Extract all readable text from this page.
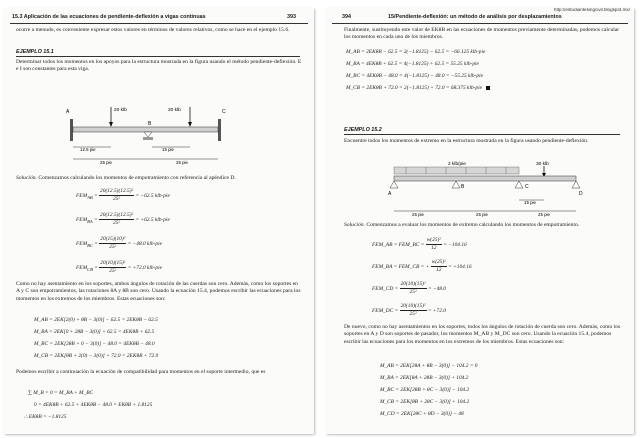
15.3 Aplicación de las ecuaciones de pendiente-deflexión a vigas continuas	393
ocurre a menudo, es conveniente expresar estos valores en términos de valores relativos, como se hace en el ejemplo 15.6.
EJEMPLO 15.1
Determinar todos los momentos en los apoyos para la estructura mostrada en la figura usando el método pendiente-deflexión. E e I son constantes para esta viga.
A
B
C
20 klb	20 klb
12.5 pie	15 pie
25 pie	25 pie
Solución. Comenzamos calculando los momentos de empotramiento con referencia al apéndice D.
$FEM_{AB} = \frac{\text{20(12.5)(12.5)²}}{\text{25²}} = -62.5$ klb-pie
$FEM_{BA} = \frac{\text{20(12.5)(12.5)²}}{\text{25²}} = +62.5$ klb-pie
$FEM_{BC} = \frac{\text{20(15)(10)²}}{\text{25²}} = -48.0$ klb-pie
$FEM_{CB} = \frac{\text{20(10)(15)²}}{\text{25²}} = +72.0$ klb-pie
Como no hay asentamiento en los soportes, ambos ángulos de rotación de las cuerdas son cero. Además, como los soportes en A y C son empotramientos, las rotaciones θA y θB son cero. Usando la ecuación 15.4, podemos escribir las ecuaciones para los momentos en los extremos de los miembros. Estas ecuaciones son:
M_AB = 2EK[2(0) + θB − 3(0)] − 62.5 = 2EKθB − 62.5
M_BA = 2EK[0 + 2θB − 3(0)] + 62.5 = 4EKθB + 62.5
M_BC = 2EK[2θB + 0 − 3(0)] − 48.0 = 4EKθB − 48.0
M_CB = 2EK[θB + 2(0) − 3(0)] + 72.0 = 2EKθB + 72.0
Podemos escribir a continuación la ecuación de compatibilidad para momentos en el soporte intermedio, que es
∑ M_B = 0 = M_BA + M_BC
0 = 4EKθB + 62.5 + 4EKθB − 48.0 = EKθB + 1.8125
∴ EKθB = −1.8125
http://estudiantesingcivil.blogspot.mx/
394	15/Pendiente-deflexión: un método de análisis por desplazamientos
Finalmente, sustituyendo este valor de EKθB en las ecuaciones de momentos previamente determinadas, podemos calcular los momentos en cada uno de los miembros.
M_AB = 2EKθB − 62.5 = 2(−1.8125) − 62.5 = −66.125 klb-pie
M_BA = 4EKθB + 62.5 = 4(−1.8125) + 62.5 = 55.25 klb-pie
M_BC = 4EKθB − 48.0 = 4(−1.8125) − 48.0 = −55.25 klb-pie
M_CB = 2EKθB + 72.0 = 2(−1.8125) + 72.0 = 68.375 klb-pie
EJEMPLO 15.2
Encuentre todos los momentos de extremo en la estructura mostrada en la figura usando pendiente-deflexión.
2 klb/pie	30 klb
A
B	C
D
15 pie
25 pie	25 pie	25 pie
Solución. Comenzamos a evaluar los momentos de extremo calculando los momentos de empotramiento.
FEM_AB = FEM_BC = $\frac{\text{w(25)²}}{12} = -104.16$
FEM_BA = FEM_CB = + $\frac{\text{w(25)²}}{12} = +104.16$
FEM_CD = $\frac{\text{20(10)(15)²}}{\text{25²}} = -48.0$
FEM_DC = $\frac{\text{20(10)(15)²}}{\text{25²}} = +72.0$
De nuevo, como no hay asentamientos en los soportes, todos los ángulos de rotación de cuerda son cero. Además, como los soportes en A y D son soportes de pasador, los momentos M_AB y M_DC son cero. Usando la ecuación 15.4, podemos escribir las ecuaciones para los momentos en los extremos de los miembros. Estas ecuaciones son:
M_AB = 2EK[2θA + θB − 3(0)] − 104.2 = 0
M_BA = 2EK[θA + 2θB − 3(0)] + 104.2
M_BC = 2EK[2θB + θC − 3(0)] − 104.2
M_CB = 2EK[θB + 2θC − 3(0)] + 104.2
M_CD = 2EK[2θC + θD − 3(0)] − 48
